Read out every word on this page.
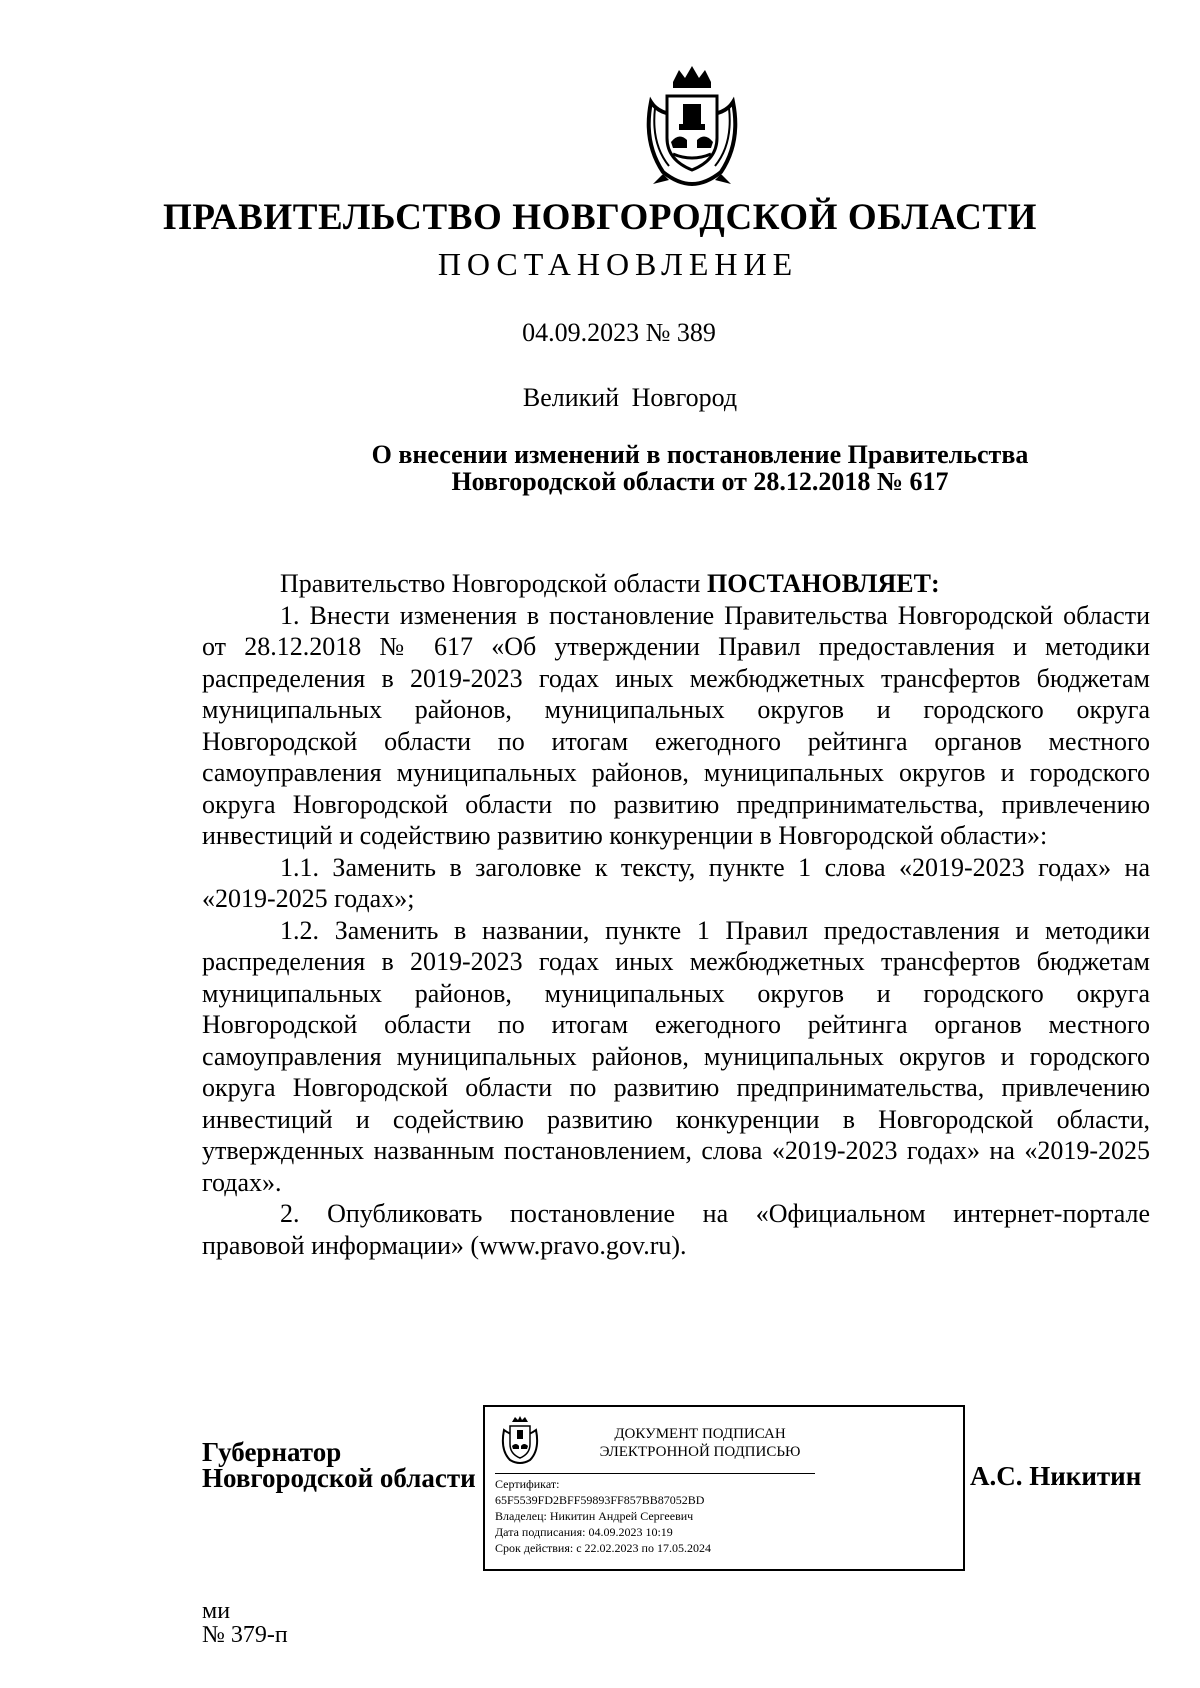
ПРАВИТЕЛЬСТВО НОВГОРОДСКОЙ ОБЛАСТИ
ПОСТАНОВЛЕНИЕ
04.09.2023 № 389
Великий Новгород
О внесении изменений в постановление Правительства
Новгородской области от 28.12.2018 № 617

Правительство Новгородской области ПОСТАНОВЛЯЕТ:

1. Внести изменения в постановление Правительства Новгородской области от 28.12.2018 № 617 «Об утверждении Правил предоставления и методики распределения в 2019-2023 годах иных межбюджетных трансфертов бюджетам муниципальных районов, муниципальных округов и городского округа Новгородской области по итогам ежегодного рейтинга органов местного самоуправления муниципальных районов, муниципальных округов и городского округа Новгородской области по развитию предпринимательства, привлечению инвестиций и содействию развитию конкуренции в Новгородской области»:

1.1. Заменить в заголовке к тексту, пункте 1 слова «2019-2023 годах» на «2019-2025 годах»;

1.2. Заменить в названии, пункте 1 Правил предоставления и методики распределения в 2019-2023 годах иных межбюджетных трансфертов бюджетам муниципальных районов, муниципальных округов и городского округа Новгородской области по итогам ежегодного рейтинга органов местного самоуправления муниципальных районов, муниципальных округов и городского округа Новгородской области по развитию предпринимательства, привлечению инвестиций и содействию развитию конкуренции в Новгородской области, утвержденных названным постановлением, слова «2019-2023 годах» на «2019-2025 годах».

2. Опубликовать постановление на «Официальном интернет-портале правовой информации» (www.pravo.gov.ru).

Губернатор
Новгородской области
ДОКУМЕНТ ПОДПИСАН
ЭЛЕКТРОННОЙ ПОДПИСЬЮ
Сертификат:
65F5539FD2BFF59893FF857BB87052BD
Владелец: Никитин Андрей Сергеевич
Дата подписания: 04.09.2023 10:19
Срок действия: с 22.02.2023 по 17.05.2024
А.С. Никитин
ми
№ 379-п
